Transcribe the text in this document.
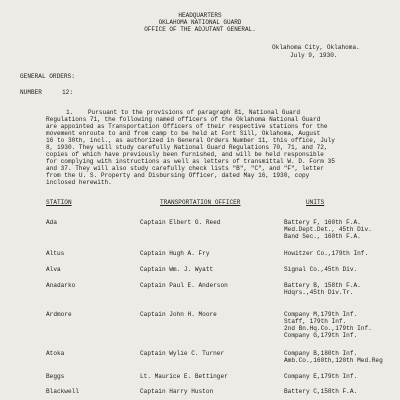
HEADQUARTERS
OKLAHOMA NATIONAL GUARD
OFFICE OF THE ADJUTANT GENERAL.
Oklahoma City, Oklahoma.
July 9, 1930.
GENERAL ORDERS:
NUMBER	12:
1.    Pursuant to the provisions of paragraph 81, National Guard
Regulations 71, the following named officers of the Oklahoma National Guard
are appointed as Transportation Officers of their respective stations for the
movement enroute to and from camp to be held at Fort Sill, Oklahoma, August
16 to 30th, incl., as authorized in General Orders Number 11, this office, July
8, 1930. They will study carefully National Guard Regulations 70, 71, and 72,
copies of which have previously been furnished, and will be held responsible
for complying with instructions as well as letters of transmittal W. D. Form 35
and 37. They will also study carefully check lists "B", "C", and "F", letter
from the U. S. Property and Disbursing Officer, dated May 16, 1930, copy
inclosed herewith.
STATION	TRANSPORTATION OFFICER	UNITS
Ada	Captain Elbert G. Reed	Battery F, 160th F.A.
Med.Dept.Det., 45th Div.
Band Sec., 160th F.A.
Altus	Captain Hugh A. Fry	Howitzer Co.,179th Inf.
Alva	Captain Wm. J. Wyatt	Signal Co.,45th Div.
Anadarko	Captain Paul E. Anderson	Battery B, 158th F.A.
Hdqrs.,45th Div.Tr.
Ardmore	Captain John H. Moore	Company M,179th Inf.
Staff, 179th Inf.
2nd Bn.Hq.Co.,179th Inf.
Company G,179th Inf.
Atoka	Captain Wylie C. Turner	Company B,180th Inf.
Amb.Co.,160th,120th Med.Reg
Beggs	Lt. Maurice E. Bettinger	Company E,179th Inf.
Blackwell	Captain Harry Huston	Battery C,158th F.A.
